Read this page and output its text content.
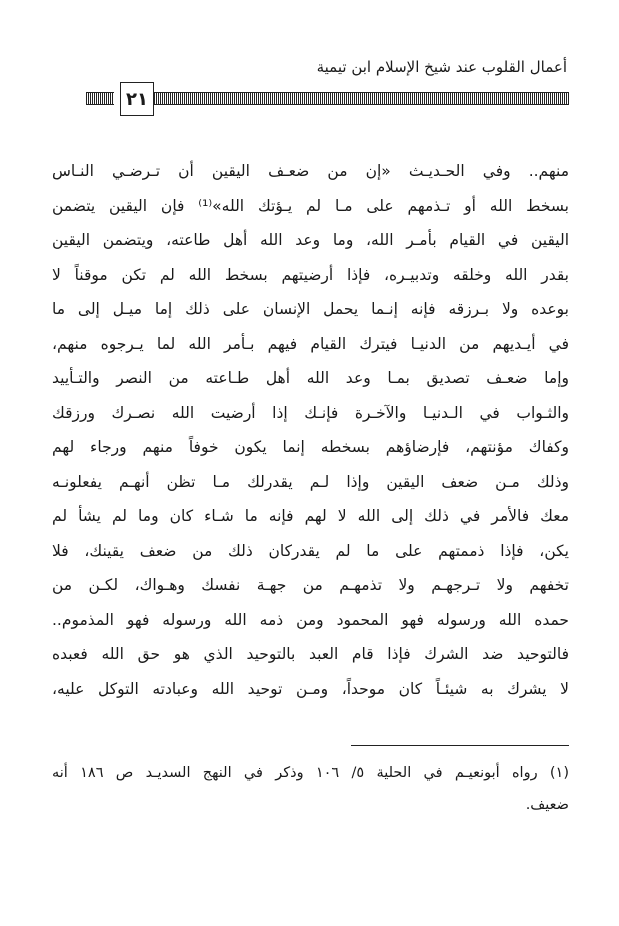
أعمال القلوب عند شيخ الإسلام ابن تيمية
٢١
منهم.. وفي الحـديـث «إن من ضعـف اليقين أن تـرضـي النـاس
بسخط الله أو تـذمهم على مـا لم يـؤتك الله»⁽¹⁾ فإن اليقين يتضمن
اليقين في القيام بأمـر الله، وما وعد الله أهل طاعته، ويتضمن اليقين
بقدر الله وخلقه وتدبيـره، فإذا أرضيتهم بسخط الله لم تكن موقناً لا
بوعده ولا بـرزقه فإنه إنـما يحمل الإنسان على ذلك إما ميـل إلى ما
في أيـديهم من الدنيـا فيترك القيام فيهم بـأمر الله لما يـرجوه منهم،
وإما ضعـف تصديق بمـا وعد الله أهل طـاعته من النصر والتـأييد
والثـواب في الـدنيـا والآخـرة فإنـك إذا أرضيت الله نصـرك ورزقك
وكفاك مؤنتهم، فإرضاؤهم بسخطه إنما يكون خوفاً منهم ورجاء لهم
وذلك مـن ضعف اليقين وإذا لـم يقدرلك مـا تظن أنهـم يفعلونـه
معك فالأمر في ذلك إلى الله لا لهم فإنه ما شـاء كان وما لم يشأ لم
يكن، فإذا ذممتهم على ما لم يقدركان ذلك من ضعف يقينك، فلا
تخفهم ولا تـرجهـم ولا تذمهـم من جهـة نفسك وهـواك، لكـن من
حمده الله ورسوله فهو المحمود ومن ذمه الله ورسوله فهو المذموم..
فالتوحيد ضد الشرك فإذا قام العبد بالتوحيد الذي هو حق الله فعبده
لا يشرك به شيئـاً كان موحداً، ومـن توحيد الله وعبادته التوكل عليه،
(١) رواه أبونعيـم في الحلية ٥/ ١٠٦ وذكر في النهج السديـد ص ١٨٦ أنه
ضعيف.
